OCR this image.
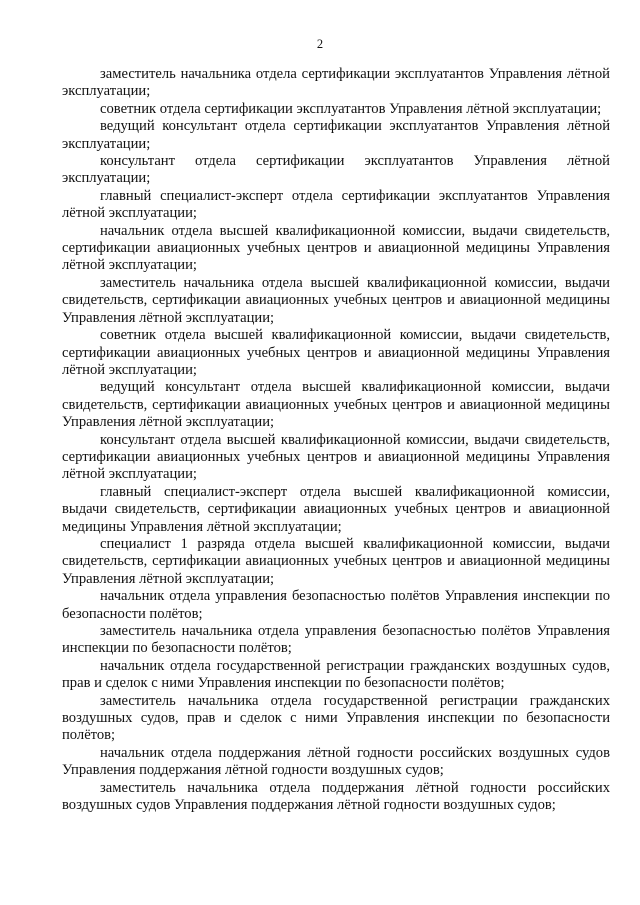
2

заместитель начальника отдела сертификации эксплуатантов Управления лётной эксплуатации;

советник отдела сертификации эксплуатантов Управления лётной эксплуатации;

ведущий консультант отдела сертификации эксплуатантов Управления лётной эксплуатации;

консультант отдела сертификации эксплуатантов Управления лётной эксплуатации;

главный специалист-эксперт отдела сертификации эксплуатантов Управления лётной эксплуатации;

начальник отдела высшей квалификационной комиссии, выдачи свидетельств, сертификации авиационных учебных центров и авиационной медицины Управления лётной эксплуатации;

заместитель начальника отдела высшей квалификационной комиссии, выдачи свидетельств, сертификации авиационных учебных центров и авиационной медицины Управления лётной эксплуатации;

советник отдела высшей квалификационной комиссии, выдачи свидетельств, сертификации авиационных учебных центров и авиационной медицины Управления лётной эксплуатации;

ведущий консультант отдела высшей квалификационной комиссии, выдачи свидетельств, сертификации авиационных учебных центров и авиационной медицины Управления лётной эксплуатации;

консультант отдела высшей квалификационной комиссии, выдачи свидетельств, сертификации авиационных учебных центров и авиационной медицины Управления лётной эксплуатации;

главный специалист-эксперт отдела высшей квалификационной комиссии, выдачи свидетельств, сертификации авиационных учебных центров и авиационной медицины Управления лётной эксплуатации;

специалист 1 разряда отдела высшей квалификационной комиссии, выдачи свидетельств, сертификации авиационных учебных центров и авиационной медицины Управления лётной эксплуатации;

начальник отдела управления безопасностью полётов Управления инспекции по безопасности полётов;

заместитель начальника отдела управления безопасностью полётов Управления инспекции по безопасности полётов;

начальник отдела государственной регистрации гражданских воздушных судов, прав и сделок с ними Управления инспекции по безопасности полётов;

заместитель начальника отдела государственной регистрации гражданских воздушных судов, прав и сделок с ними Управления инспекции по безопасности полётов;

начальник отдела поддержания лётной годности российских воздушных судов Управления поддержания лётной годности воздушных судов;

заместитель начальника отдела поддержания лётной годности российских воздушных судов Управления поддержания лётной годности воздушных судов;
